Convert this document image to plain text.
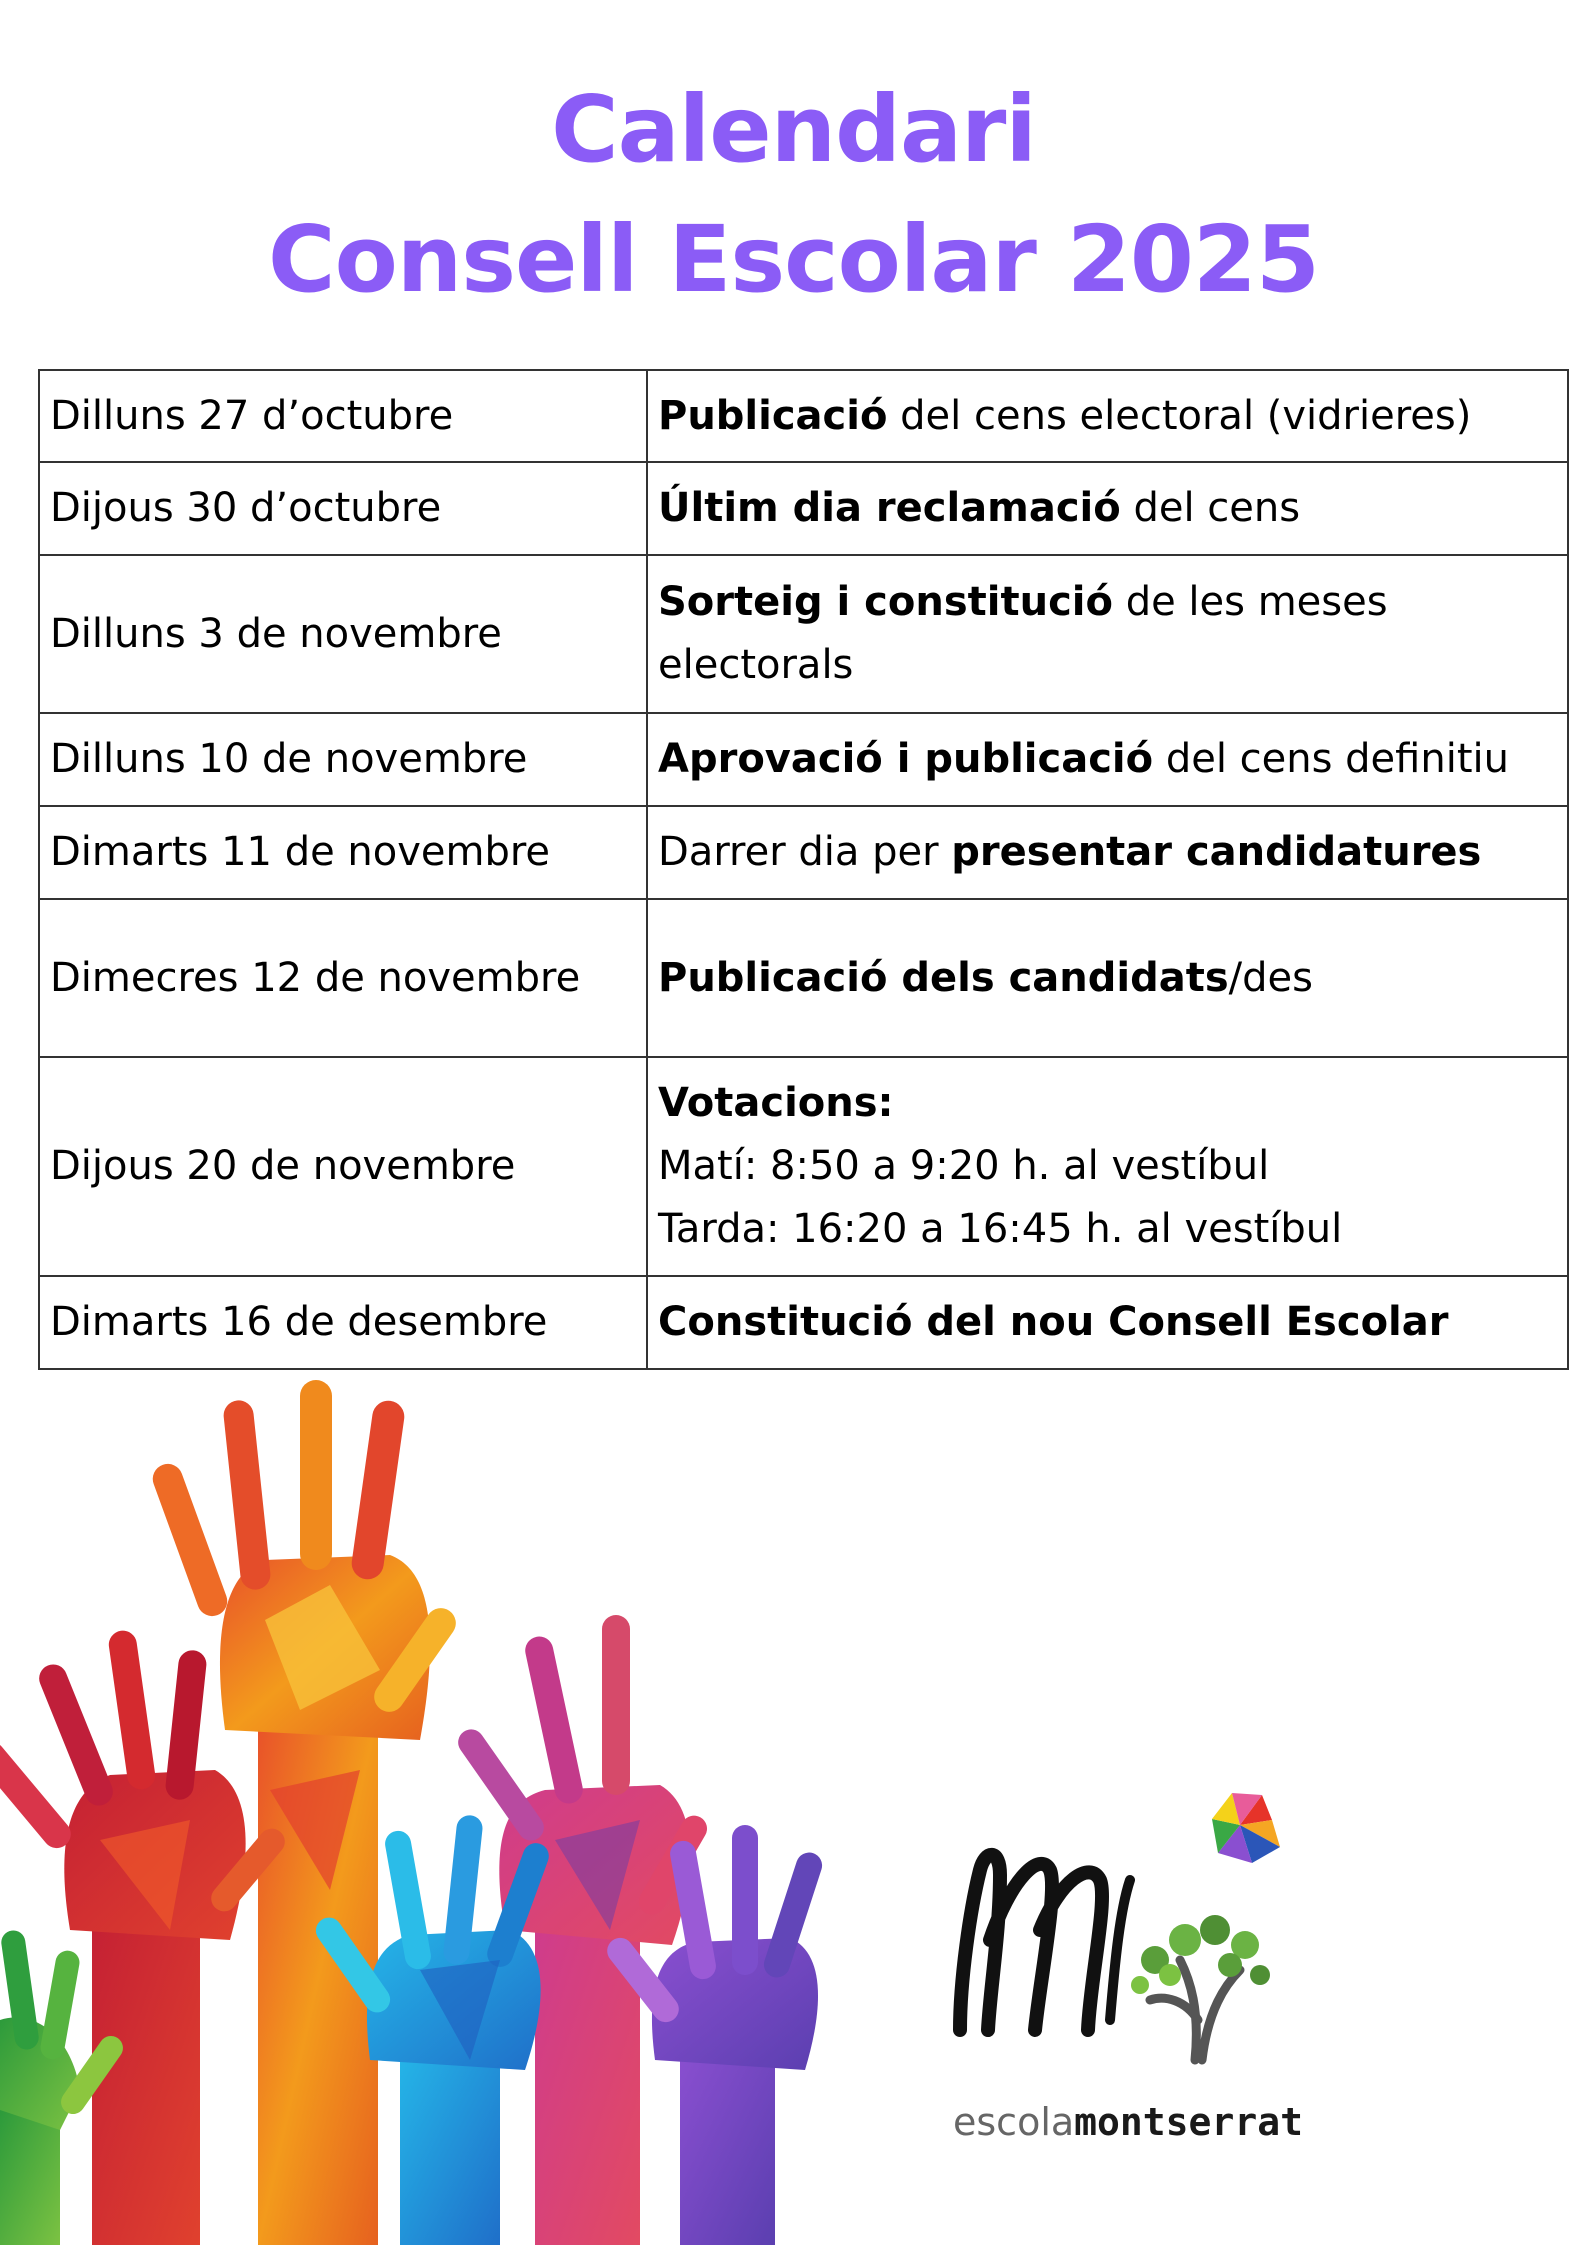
Calendari
Consell Escolar 2025
Dilluns 27 d’octubre	Publicació del cens electoral (vidrieres)
Dijous 30 d’octubre	Últim dia reclamació del cens
Dilluns 3 de novembre	Sorteig i constitució de les meses electorals
Dilluns 10 de novembre	Aprovació i publicació del cens definitiu
Dimarts 11 de novembre	Darrer dia per presentar candidatures
Dimecres 12 de novembre	Publicació dels candidats/des
Dijous 20 de novembre	Votacions:
Matí: 8:50 a 9:20 h. al vestíbul
Tarda: 16:20 a 16:45 h. al vestíbul
Dimarts 16 de desembre	Constitució del nou Consell Escolar
escolamontserrat
